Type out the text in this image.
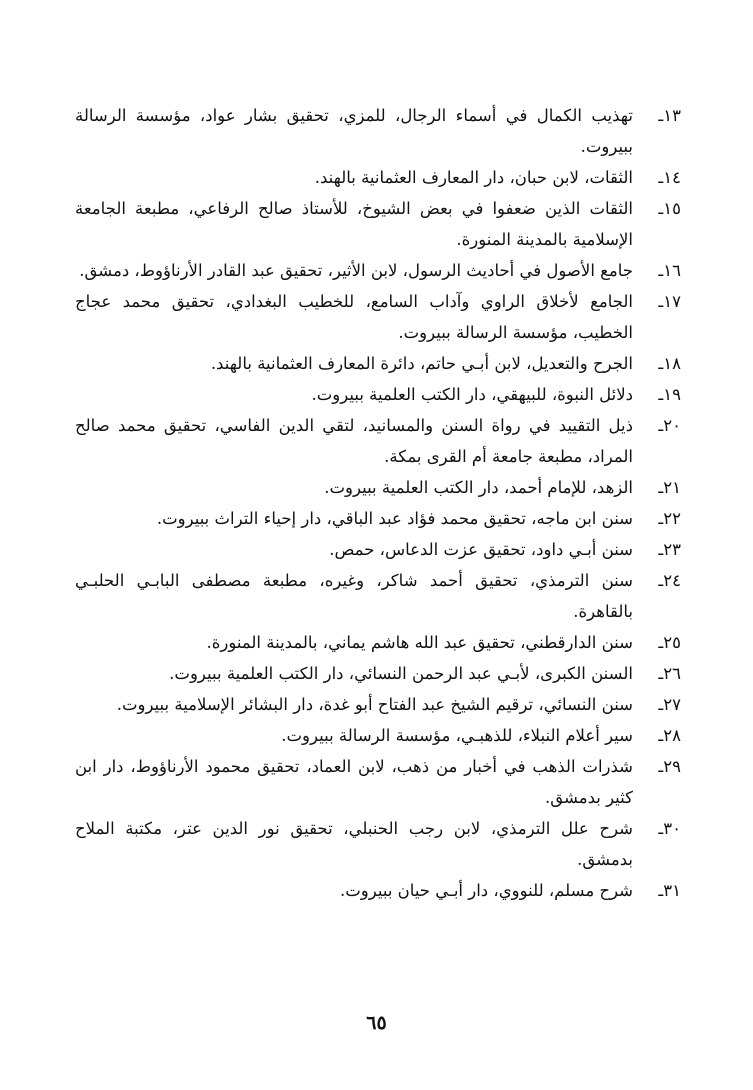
١٣ـ
تهذيب الكمال في أسماء الرجال، للمزي، تحقيق بشار عواد، مؤسسة الرسالة ببيروت.
١٤ـ
الثقات، لابن حبان، دار المعارف العثمانية بالهند.
١٥ـ
الثقات الذين ضعفوا في بعض الشيوخ، للأستاذ صالح الرفاعي، مطبعة الجامعة الإسلامية بالمدينة المنورة.
١٦ـ
جامع الأصول في أحاديث الرسول، لابن الأثير، تحقيق عبد القادر الأرناؤوط، دمشق.
١٧ـ
الجامع لأخلاق الراوي وآداب السامع، للخطيب البغدادي، تحقيق محمد عجاج الخطيب، مؤسسة الرسالة ببيروت.
١٨ـ
الجرح والتعديل، لابن أبـي حاتم، دائرة المعارف العثمانية بالهند.
١٩ـ
دلائل النبوة، للبيهقي، دار الكتب العلمية ببيروت.
٢٠ـ
ذيل التقييد في رواة السنن والمسانيد، لتقي الدين الفاسي، تحقيق محمد صالح المراد، مطبعة جامعة أم القرى بمكة.
٢١ـ
الزهد، للإمام أحمد، دار الكتب العلمية ببيروت.
٢٢ـ
سنن ابن ماجه، تحقيق محمد فؤاد عبد الباقي، دار إحياء التراث ببيروت.
٢٣ـ
سنن أبـي داود، تحقيق عزت الدعاس، حمص.
٢٤ـ
سنن الترمذي، تحقيق أحمد شاكر، وغيره، مطبعة مصطفى البابـي الحلبـي بالقاهرة.
٢٥ـ
سنن الدارقطني، تحقيق عبد الله هاشم يماني، بالمدينة المنورة.
٢٦ـ
السنن الكبرى، لأبـي عبد الرحمن النسائي، دار الكتب العلمية ببيروت.
٢٧ـ
سنن النسائي، ترقيم الشيخ عبد الفتاح أبو غدة، دار البشائر الإسلامية ببيروت.
٢٨ـ
سير أعلام النبلاء، للذهبـي، مؤسسة الرسالة ببيروت.
٢٩ـ
شذرات الذهب في أخبار من ذهب، لابن العماد، تحقيق محمود الأرناؤوط، دار ابن كثير بدمشق.
٣٠ـ
شرح علل الترمذي، لابن رجب الحنبلي، تحقيق نور الدين عتر، مكتبة الملاح بدمشق.
٣١ـ
شرح مسلم، للنووي، دار أبـي حيان ببيروت.
٦٥
